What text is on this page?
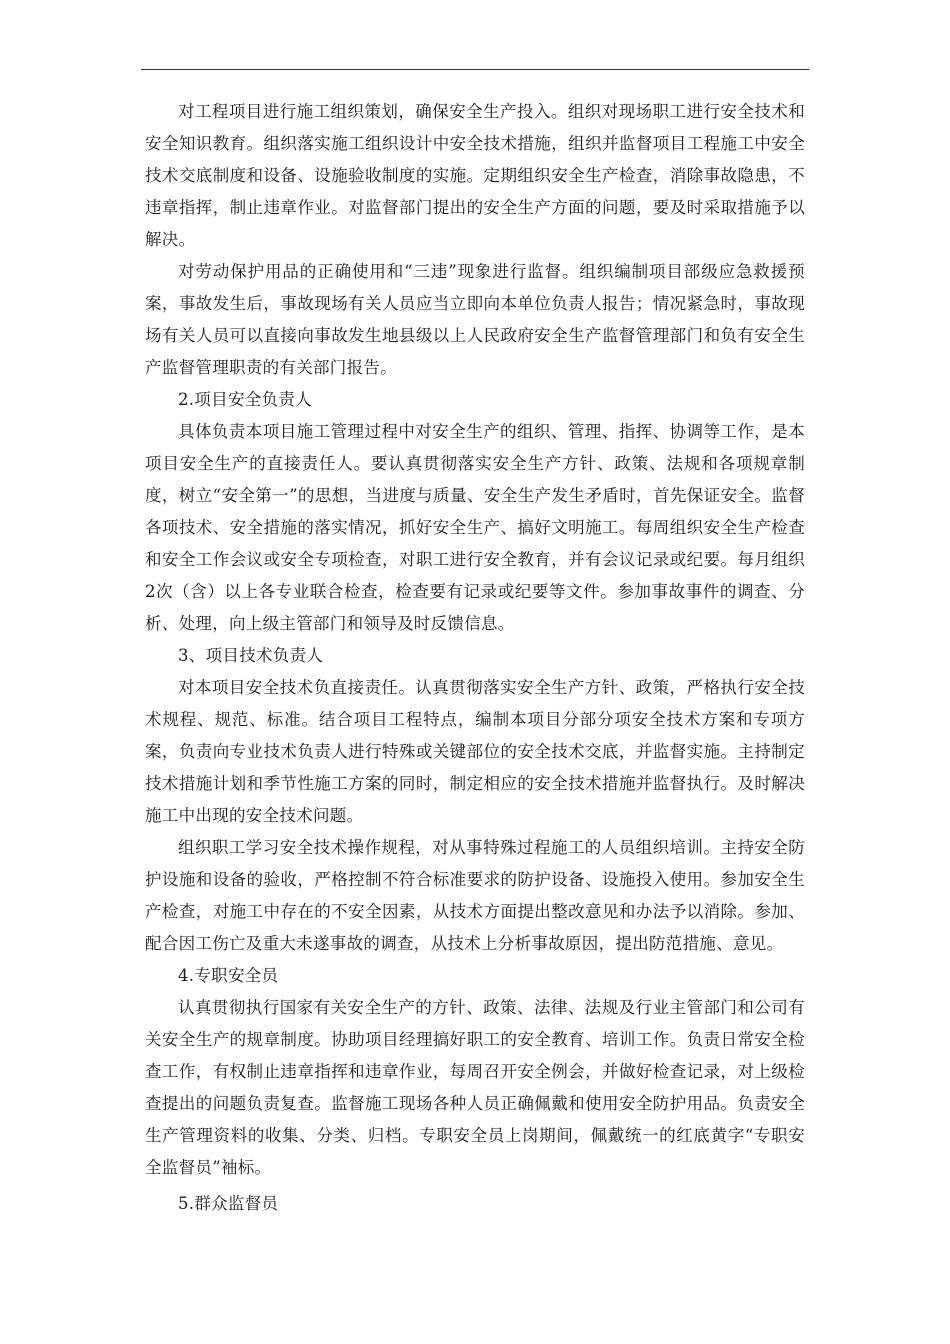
对工程项目进行施工组织策划，确保安全生产投入。组织对现场职工进行安全技术和安全知识教育。组织落实施工组织设计中安全技术措施，组织并监督项目工程施工中安全技术交底制度和设备、设施验收制度的实施。定期组织安全生产检查，消除事故隐患，不违章指挥，制止违章作业。对监督部门提出的安全生产方面的问题，要及时采取措施予以解决。

对劳动保护用品的正确使用和“三违”现象进行监督。组织编制项目部级应急救援预案，事故发生后，事故现场有关人员应当立即向本单位负责人报告；情况紧急时，事故现场有关人员可以直接向事故发生地县级以上人民政府安全生产监督管理部门和负有安全生产监督管理职责的有关部门报告。

2.项目安全负责人

具体负责本项目施工管理过程中对安全生产的组织、管理、指挥、协调等工作，是本项目安全生产的直接责任人。要认真贯彻落实安全生产方针、政策、法规和各项规章制度，树立“安全第一”的思想，当进度与质量、安全生产发生矛盾时，首先保证安全。监督各项技术、安全措施的落实情况，抓好安全生产、搞好文明施工。每周组织安全生产检查和安全工作会议或安全专项检查，对职工进行安全教育，并有会议记录或纪要。每月组织2次（含）以上各专业联合检查，检查要有记录或纪要等文件。参加事故事件的调查、分析、处理，向上级主管部门和领导及时反馈信息。

3、项目技术负责人

对本项目安全技术负直接责任。认真贯彻落实安全生产方针、政策，严格执行安全技术规程、规范、标准。结合项目工程特点，编制本项目分部分项安全技术方案和专项方案，负责向专业技术负责人进行特殊或关键部位的安全技术交底，并监督实施。主持制定技术措施计划和季节性施工方案的同时，制定相应的安全技术措施并监督执行。及时解决施工中出现的安全技术问题。

组织职工学习安全技术操作规程，对从事特殊过程施工的人员组织培训。主持安全防护设施和设备的验收，严格控制不符合标准要求的防护设备、设施投入使用。参加安全生产检查，对施工中存在的不安全因素，从技术方面提出整改意见和办法予以消除。参加、配合因工伤亡及重大未遂事故的调查，从技术上分析事故原因，提出防范措施、意见。

4.专职安全员

认真贯彻执行国家有关安全生产的方针、政策、法律、法规及行业主管部门和公司有关安全生产的规章制度。协助项目经理搞好职工的安全教育、培训工作。负责日常安全检查工作，有权制止违章指挥和违章作业，每周召开安全例会，并做好检查记录，对上级检查提出的问题负责复查。监督施工现场各种人员正确佩戴和使用安全防护用品。负责安全生产管理资料的收集、分类、归档。专职安全员上岗期间，佩戴统一的红底黄字“专职安全监督员”袖标。

5.群众监督员
